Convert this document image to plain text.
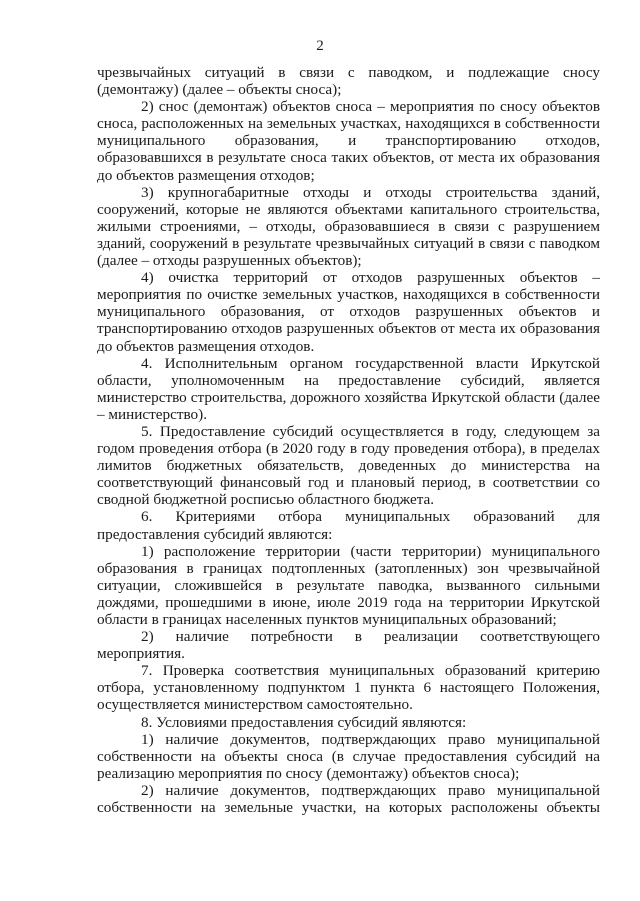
2

чрезвычайных ситуаций в связи с паводком, и подлежащие сносу (демонтажу) (далее – объекты сноса);

2) снос (демонтаж) объектов сноса – мероприятия по сносу объектов сноса, расположенных на земельных участках, находящихся в собственности муниципального образования, и транспортированию отходов, образовавшихся в результате сноса таких объектов, от места их образования до объектов размещения отходов;

3) крупногабаритные отходы и отходы строительства зданий, сооружений, которые не являются объектами капитального строительства, жилыми строениями, – отходы, образовавшиеся в связи с разрушением зданий, сооружений в результате чрезвычайных ситуаций в связи с паводком (далее – отходы разрушенных объектов);

4) очистка территорий от отходов разрушенных объектов – мероприятия по очистке земельных участков, находящихся в собственности муниципального образования, от отходов разрушенных объектов и транспортированию отходов разрушенных объектов от места их образования до объектов размещения отходов.

4. Исполнительным органом государственной власти Иркутской области, уполномоченным на предоставление субсидий, является министерство строительства, дорожного хозяйства Иркутской области (далее – министерство).

5. Предоставление субсидий осуществляется в году, следующем за годом проведения отбора (в 2020 году в году проведения отбора), в пределах лимитов бюджетных обязательств, доведенных до министерства на соответствующий финансовый год и плановый период, в соответствии со сводной бюджетной росписью областного бюджета.

6. Критериями отбора муниципальных образований для предоставления субсидий являются:

1) расположение территории (части территории) муниципального образования в границах подтопленных (затопленных) зон чрезвычайной ситуации, сложившейся в результате паводка, вызванного сильными дождями, прошедшими в июне, июле 2019 года на территории Иркутской области в границах населенных пунктов муниципальных образований;

2) наличие потребности в реализации соответствующего мероприятия.

7. Проверка соответствия муниципальных образований критерию отбора, установленному подпунктом 1 пункта 6 настоящего Положения, осуществляется министерством самостоятельно.

8. Условиями предоставления субсидий являются:

1) наличие документов, подтверждающих право муниципальной собственности на объекты сноса (в случае предоставления субсидий на реализацию мероприятия по сносу (демонтажу) объектов сноса);

2) наличие документов, подтверждающих право муниципальной собственности на земельные участки, на которых расположены объекты
